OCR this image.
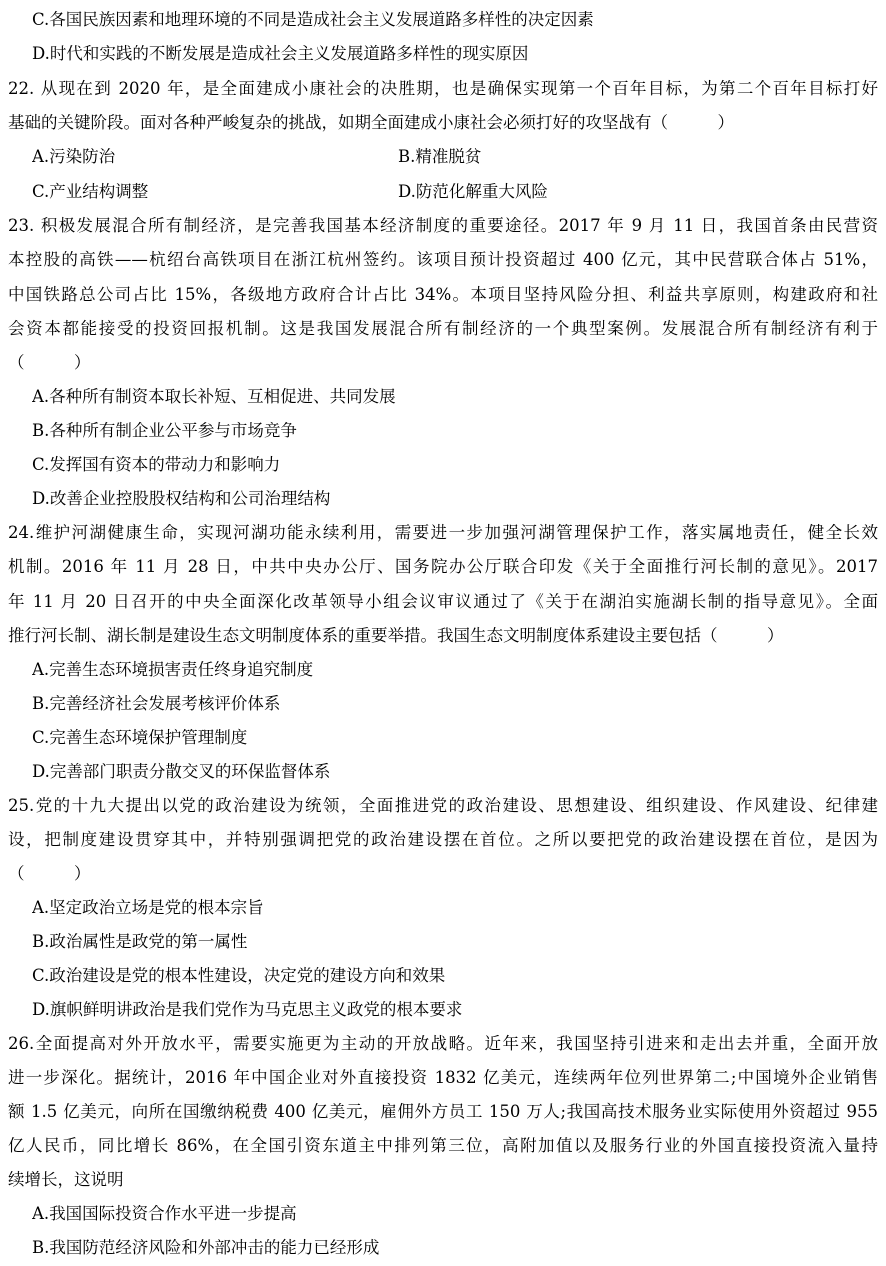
C.各国民族因素和地理环境的不同是造成社会主义发展道路多样性的决定因素
D.时代和实践的不断发展是造成社会主义发展道路多样性的现实原因
22. 从现在到 2020 年，是全面建成小康社会的决胜期，也是确保实现第一个百年目标，为第二个百年目标打好
基础的关键阶段。面对各种严峻复杂的挑战，如期全面建成小康社会必须打好的攻坚战有（　　　）
A.污染防治	B.精准脱贫
C.产业结构调整	D.防范化解重大风险
23. 积极发展混合所有制经济，是完善我国基本经济制度的重要途径。2017 年 9 月 11 日，我国首条由民营资
本控股的高铁——杭绍台高铁项目在浙江杭州签约。该项目预计投资超过 400 亿元，其中民营联合体占 51%，
中国铁路总公司占比 15%，各级地方政府合计占比 34%。本项目坚持风险分担、利益共享原则，构建政府和社
会资本都能接受的投资回报机制。这是我国发展混合所有制经济的一个典型案例。发展混合所有制经济有利于
（　　　）
A.各种所有制资本取长补短、互相促进、共同发展
B.各种所有制企业公平参与市场竞争
C.发挥国有资本的带动力和影响力
D.改善企业控股股权结构和公司治理结构
24.维护河湖健康生命，实现河湖功能永续利用，需要进一步加强河湖管理保护工作，落实属地责任，健全长效
机制。2016 年 11 月 28 日，中共中央办公厅、国务院办公厅联合印发《关于全面推行河长制的意见》。2017
年 11 月 20 日召开的中央全面深化改革领导小组会议审议通过了《关于在湖泊实施湖长制的指导意见》。全面
推行河长制、湖长制是建设生态文明制度体系的重要举措。我国生态文明制度体系建设主要包括（　　　）
A.完善生态环境损害责任终身追究制度
B.完善经济社会发展考核评价体系
C.完善生态环境保护管理制度
D.完善部门职责分散交叉的环保监督体系
25.党的十九大提出以党的政治建设为统领，全面推进党的政治建设、思想建设、组织建设、作风建设、纪律建
设，把制度建设贯穿其中，并特别强调把党的政治建设摆在首位。之所以要把党的政治建设摆在首位，是因为
（　　　）
A.坚定政治立场是党的根本宗旨
B.政治属性是政党的第一属性
C.政治建设是党的根本性建设，决定党的建设方向和效果
D.旗帜鲜明讲政治是我们党作为马克思主义政党的根本要求
26.全面提高对外开放水平，需要实施更为主动的开放战略。近年来，我国坚持引进来和走出去并重，全面开放
进一步深化。据统计，2016 年中国企业对外直接投资 1832 亿美元，连续两年位列世界第二;中国境外企业销售
额 1.5 亿美元，向所在国缴纳税费 400 亿美元，雇佣外方员工 150 万人;我国高技术服务业实际使用外资超过 955
亿人民币，同比增长 86%，在全国引资东道主中排列第三位，高附加值以及服务行业的外国直接投资流入量持
续增长，这说明
A.我国国际投资合作水平进一步提高
B.我国防范经济风险和外部冲击的能力已经形成
